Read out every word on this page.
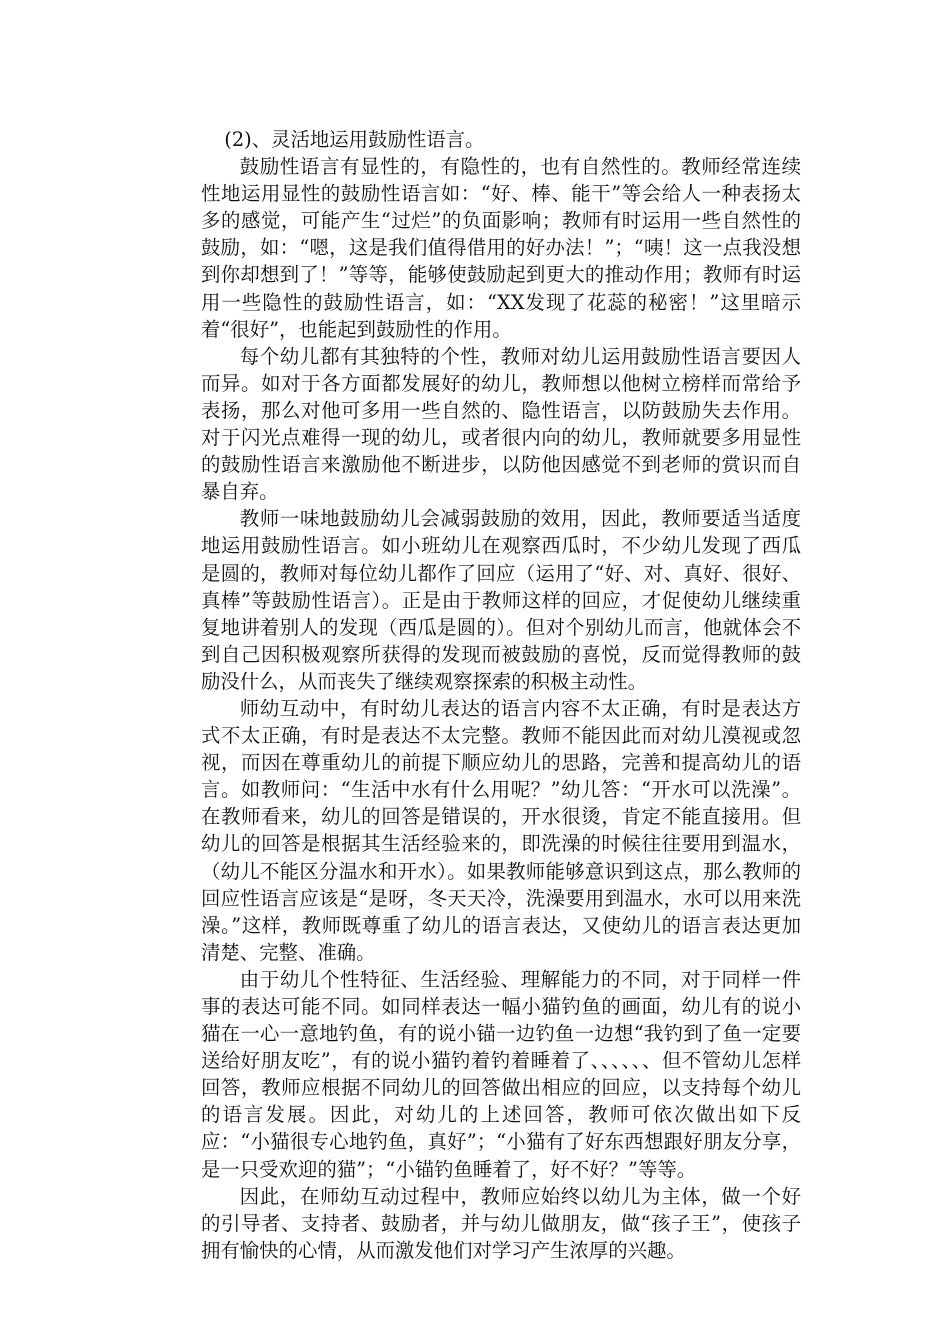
(2)、灵活地运用鼓励性语言。

鼓励性语言有显性的，有隐性的，也有自然性的。教师经常连续性地运用显性的鼓励性语言如：“好、棒、能干”等会给人一种表扬太多的感觉，可能产生“过烂”的负面影响；教师有时运用一些自然性的鼓励，如：“嗯，这是我们值得借用的好办法！”；“咦！这一点我没想到你却想到了！”等等，能够使鼓励起到更大的推动作用；教师有时运用一些隐性的鼓励性语言，如：“XX发现了花蕊的秘密！”这里暗示着“很好”，也能起到鼓励性的作用。

每个幼儿都有其独特的个性，教师对幼儿运用鼓励性语言要因人而异。如对于各方面都发展好的幼儿，教师想以他树立榜样而常给予表扬，那么对他可多用一些自然的、隐性语言，以防鼓励失去作用。对于闪光点难得一现的幼儿，或者很内向的幼儿，教师就要多用显性的鼓励性语言来激励他不断进步，以防他因感觉不到老师的赏识而自暴自弃。

教师一味地鼓励幼儿会减弱鼓励的效用，因此，教师要适当适度地运用鼓励性语言。如小班幼儿在观察西瓜时，不少幼儿发现了西瓜是圆的，教师对每位幼儿都作了回应（运用了“好、对、真好、很好、真棒”等鼓励性语言）。正是由于教师这样的回应，才促使幼儿继续重复地讲着别人的发现（西瓜是圆的）。但对个别幼儿而言，他就体会不到自己因积极观察所获得的发现而被鼓励的喜悦，反而觉得教师的鼓励没什么，从而丧失了继续观察探索的积极主动性。

师幼互动中，有时幼儿表达的语言内容不太正确，有时是表达方式不太正确，有时是表达不太完整。教师不能因此而对幼儿漠视或忽视，而因在尊重幼儿的前提下顺应幼儿的思路，完善和提高幼儿的语言。如教师问：“生活中水有什么用呢？”幼儿答：“开水可以洗澡”。在教师看来，幼儿的回答是错误的，开水很烫，肯定不能直接用。但幼儿的回答是根据其生活经验来的，即洗澡的时候往往要用到温水，（幼儿不能区分温水和开水）。如果教师能够意识到这点，那么教师的回应性语言应该是“是呀，冬天天冷，洗澡要用到温水，水可以用来洗澡。”这样，教师既尊重了幼儿的语言表达，又使幼儿的语言表达更加清楚、完整、准确。

由于幼儿个性特征、生活经验、理解能力的不同，对于同样一件事的表达可能不同。如同样表达一幅小猫钓鱼的画面，幼儿有的说小猫在一心一意地钓鱼，有的说小锚一边钓鱼一边想“我钓到了鱼一定要送给好朋友吃”，有的说小猫钓着钓着睡着了、、、、、、但不管幼儿怎样回答，教师应根据不同幼儿的回答做出相应的回应，以支持每个幼儿的语言发展。因此，对幼儿的上述回答，教师可依次做出如下反应：“小猫很专心地钓鱼，真好”；“小猫有了好东西想跟好朋友分享，是一只受欢迎的猫”；“小锚钓鱼睡着了，好不好？”等等。

因此，在师幼互动过程中，教师应始终以幼儿为主体，做一个好的引导者、支持者、鼓励者，并与幼儿做朋友，做“孩子王”，使孩子拥有愉快的心情，从而激发他们对学习产生浓厚的兴趣。
